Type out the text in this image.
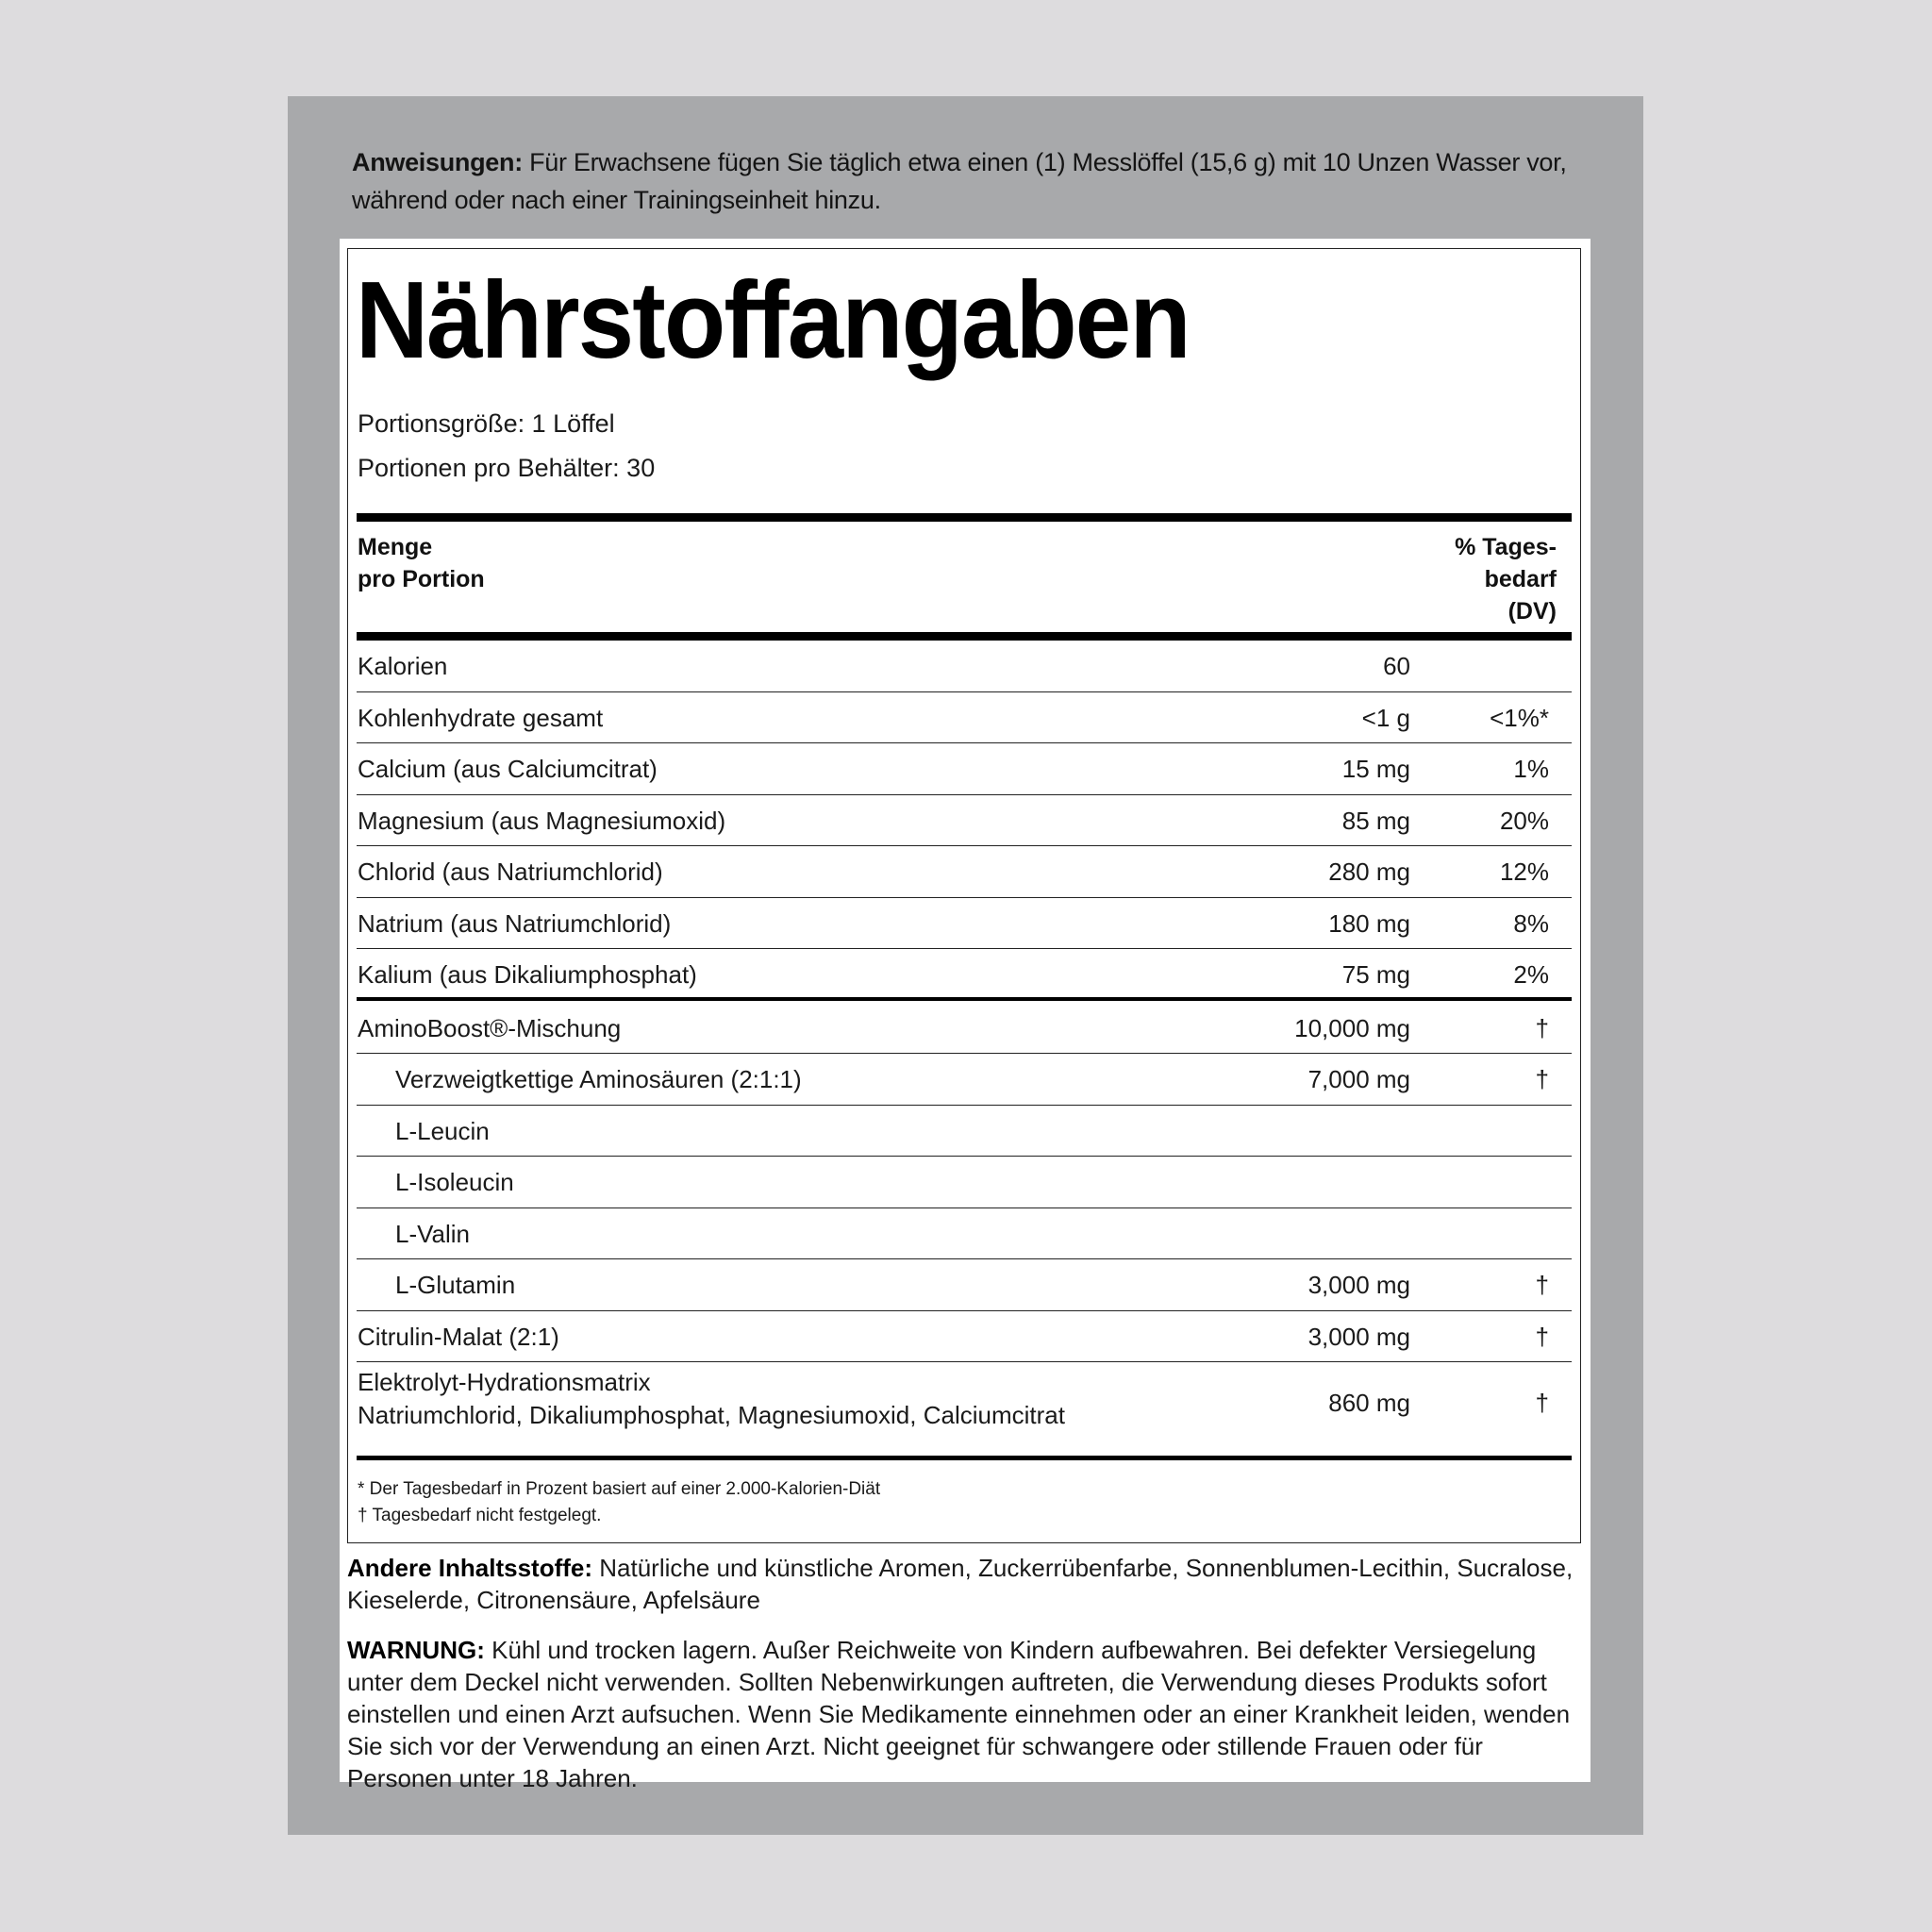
Anweisungen: Für Erwachsene fügen Sie täglich etwa einen (1) Messlöffel (15,6 g) mit 10 Unzen Wasser vor, während oder nach einer Trainingseinheit hinzu.
Nährstoffangaben
Portionsgröße: 1 Löffel
Portionen pro Behälter: 30
Menge
pro Portion
% Tages-
bedarf
(DV)
Kalorien	60
Kohlenhydrate gesamt	<1 g	<1%*
Calcium (aus Calciumcitrat)	15 mg	1%
Magnesium (aus Magnesiumoxid)	85 mg	20%
Chlorid (aus Natriumchlorid)	280 mg	12%
Natrium (aus Natriumchlorid)	180 mg	8%
Kalium (aus Dikaliumphosphat)	75 mg	2%
AminoBoost®-Mischung	10,000 mg	†
Verzweigtkettige Aminosäuren (2:1:1)	7,000 mg	†
L-Leucin
L-Isoleucin
L-Valin
L-Glutamin	3,000 mg	†
Citrulin-Malat (2:1)	3,000 mg	†
Elektrolyt-Hydrationsmatrix
Natriumchlorid, Dikaliumphosphat, Magnesiumoxid, Calciumcitrat	860 mg	†
* Der Tagesbedarf in Prozent basiert auf einer 2.000-Kalorien-Diät
† Tagesbedarf nicht festgelegt.
Andere Inhaltsstoffe: Natürliche und künstliche Aromen, Zuckerrübenfarbe, Sonnenblumen-Lecithin, Sucralose, Kieselerde, Citronensäure, Apfelsäure
WARNUNG: Kühl und trocken lagern. Außer Reichweite von Kindern aufbewahren. Bei defekter Versiegelung unter dem Deckel nicht verwenden. Sollten Nebenwirkungen auftreten, die Verwendung dieses Produkts sofort einstellen und einen Arzt aufsuchen. Wenn Sie Medikamente einnehmen oder an einer Krankheit leiden, wenden Sie sich vor der Verwendung an einen Arzt. Nicht geeignet für schwangere oder stillende Frauen oder für Personen unter 18 Jahren.
